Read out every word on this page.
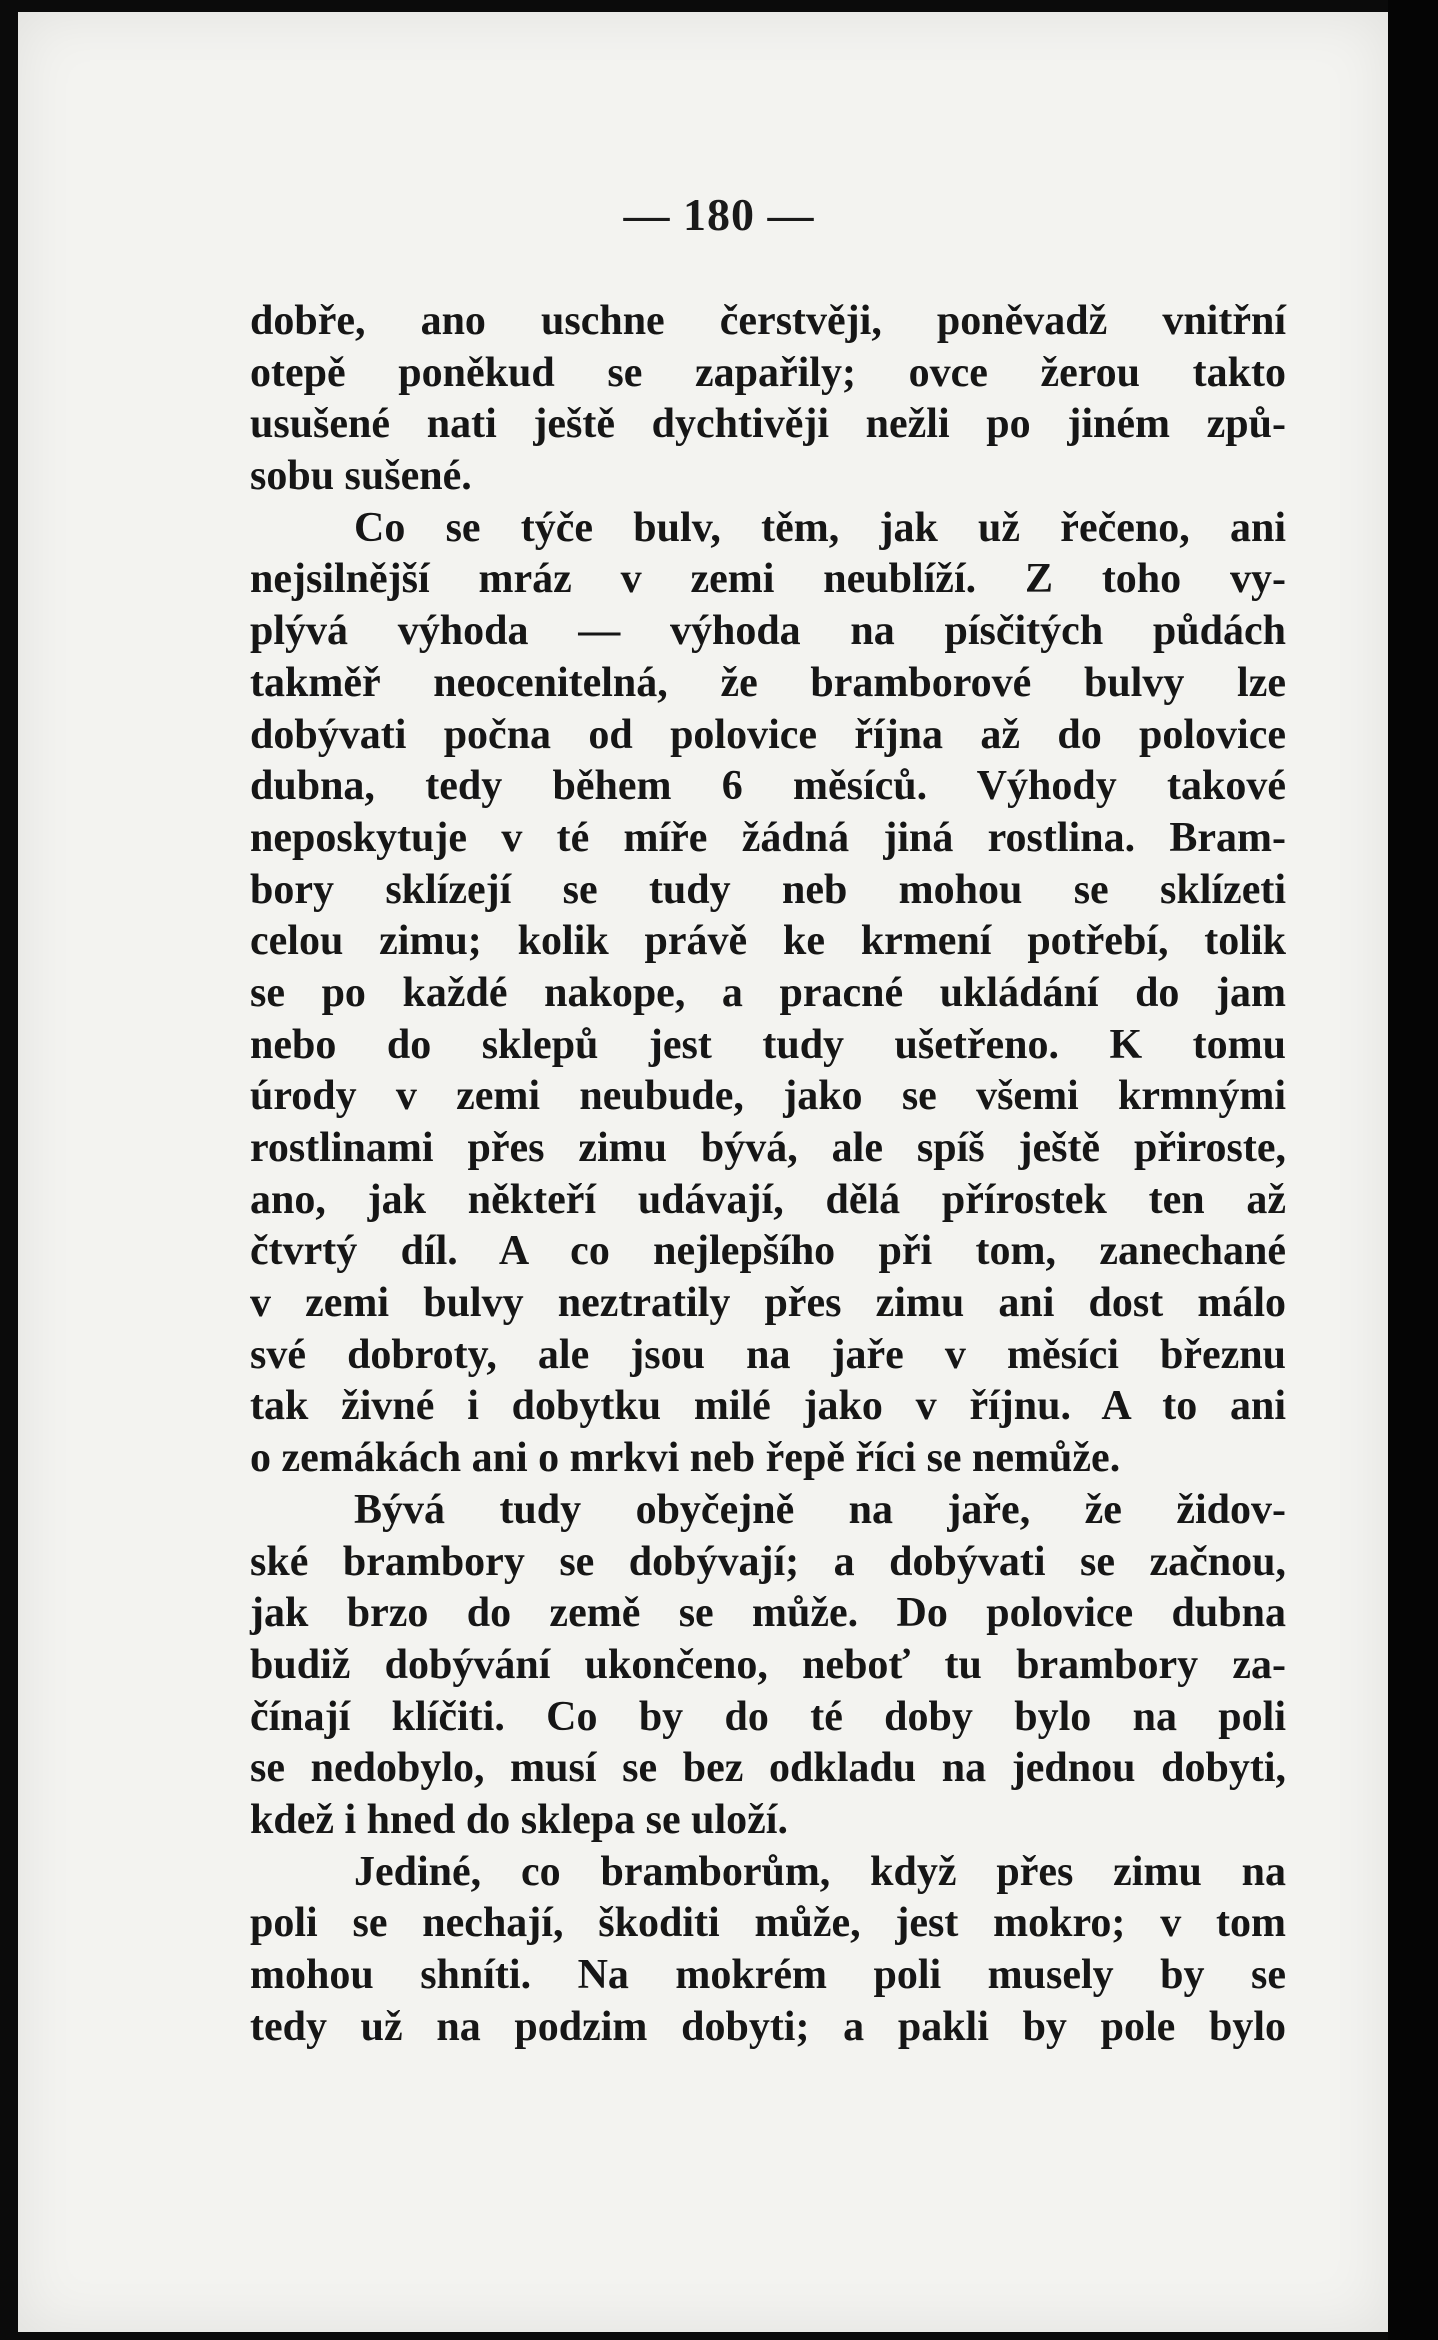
— 180 —
dobře, ano uschne čerstvěji, poněvadž vnitřní
otepě poněkud se zapařily; ovce žerou takto
usušené nati ještě dychtivěji nežli po jiném způ-
sobu sušené.
Co se týče bulv, těm, jak už řečeno, ani
nejsilnější mráz v zemi neublíží. Z toho vy-
plývá výhoda — výhoda na písčitých půdách
takměř neocenitelná, že bramborové bulvy lze
dobývati počna od polovice října až do polovice
dubna, tedy během 6 měsíců. Výhody takové
neposkytuje v té míře žádná jiná rostlina. Bram-
bory sklízejí se tudy neb mohou se sklízeti
celou zimu; kolik právě ke krmení potřebí, tolik
se po každé nakope, a pracné ukládání do jam
nebo do sklepů jest tudy ušetřeno. K tomu
úrody v zemi neubude, jako se všemi krmnými
rostlinami přes zimu bývá, ale spíš ještě přiroste,
ano, jak někteří udávají, dělá přírostek ten až
čtvrtý díl. A co nejlepšího při tom, zanechané
v zemi bulvy neztratily přes zimu ani dost málo
své dobroty, ale jsou na jaře v měsíci březnu
tak živné i dobytku milé jako v říjnu. A to ani
o zemákách ani o mrkvi neb řepě říci se nemůže.
Bývá tudy obyčejně na jaře, že židov-
ské brambory se dobývají; a dobývati se začnou,
jak brzo do země se může. Do polovice dubna
budiž dobývání ukončeno, neboť tu brambory za-
čínají klíčiti. Co by do té doby bylo na poli
se nedobylo, musí se bez odkladu na jednou dobyti,
kdež i hned do sklepa se uloží.
Jediné, co bramborům, když přes zimu na
poli se nechají, škoditi může, jest mokro; v tom
mohou shníti. Na mokrém poli musely by se
tedy už na podzim dobyti; a pakli by pole bylo
